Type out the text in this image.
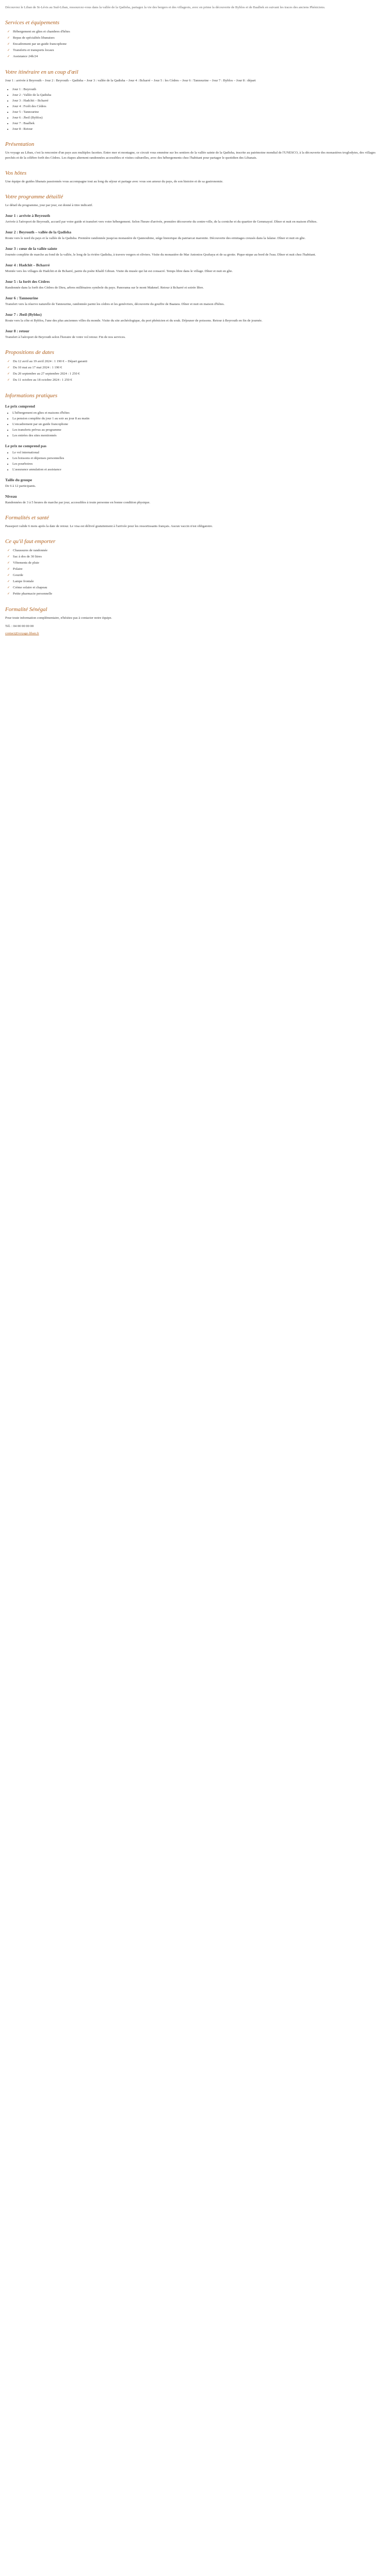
Découvrez le Liban de St-Lévis au Sud-Liban, ressourcez-vous dans la vallée de la Qadisha, partagez la vie des bergers et des villageois, avec en prime la découverte de Byblos et de Baalbek en suivant les traces des anciens Phéniciens.

Services et équipements
✓ Hébergement en gîtes et chambres d'hôtes
✓ Repas de spécialités libanaises
✓ Encadrement par un guide francophone
✓ Transferts et transports locaux
✓ Assistance 24h/24
Votre itinéraire en un coup d'œil

Jour 1 : arrivée à Beyrouth – Jour 2 : Beyrouth – Qadisha – Jour 3 : vallée de la Qadisha – Jour 4 : Bcharré – Jour 5 : les Cèdres – Jour 6 : Tannourine – Jour 7 : Byblos – Jour 8 : départ

• Jour 1 : Beyrouth
• Jour 2 : Vallée de la Qadisha
• Jour 3 : Hadchit – Bcharré
• Jour 4 : Forêt des Cèdres
• Jour 5 : Tannourine
• Jour 6 : Jbeil (Byblos)
• Jour 7 : Baalbek
• Jour 8 : Retour
Présentation

Un voyage au Liban, c'est la rencontre d'un pays aux multiples facettes. Entre mer et montagne, ce circuit vous emmène sur les sentiers de la vallée sainte de la Qadisha, inscrite au patrimoine mondial de l'UNESCO, à la découverte des monastères troglodytes, des villages perchés et de la célèbre forêt des Cèdres. Les étapes alternent randonnées accessibles et visites culturelles, avec des hébergements chez l'habitant pour partager le quotidien des Libanais.

Vos hôtes

Une équipe de guides libanais passionnés vous accompagne tout au long du séjour et partage avec vous son amour du pays, de son histoire et de sa gastronomie.

Votre programme détaillé

Le détail du programme, jour par jour, est donné à titre indicatif.

Jour 1 : arrivée à Beyrouth

Arrivée à l'aéroport de Beyrouth, accueil par votre guide et transfert vers votre hébergement. Selon l'heure d'arrivée, première découverte du centre-ville, de la corniche et du quartier de Gemmayzé. Dîner et nuit en maison d'hôtes.

Jour 2 : Beyrouth – vallée de la Qadisha

Route vers le nord du pays et la vallée de la Qadisha. Première randonnée jusqu'au monastère de Qannoubine, siège historique du patriarcat maronite. Découverte des ermitages creusés dans la falaise. Dîner et nuit en gîte.

Jour 3 : cœur de la vallée sainte

Journée complète de marche au fond de la vallée, le long de la rivière Qadisha, à travers vergers et oliviers. Visite du monastère de Mar Antonios Qozhaya et de sa grotte. Pique-nique au bord de l'eau. Dîner et nuit chez l'habitant.

Jour 4 : Hadchit – Bcharré

Montée vers les villages de Hadchit et de Bcharré, patrie du poète Khalil Gibran. Visite du musée qui lui est consacré. Temps libre dans le village. Dîner et nuit en gîte.

Jour 5 : la forêt des Cèdres

Randonnée dans la forêt des Cèdres de Dieu, arbres millénaires symbole du pays. Panorama sur le mont Makmel. Retour à Bcharré et soirée libre.

Jour 6 : Tannourine

Transfert vers la réserve naturelle de Tannourine, randonnée parmi les cèdres et les genévriers, découverte du gouffre de Baatara. Dîner et nuit en maison d'hôtes.

Jour 7 : Jbeil (Byblos)

Route vers la côte et Byblos, l'une des plus anciennes villes du monde. Visite du site archéologique, du port phénicien et du souk. Déjeuner de poissons. Retour à Beyrouth en fin de journée.

Jour 8 : retour

Transfert à l'aéroport de Beyrouth selon l'horaire de votre vol retour. Fin de nos services.

Propositions de dates
✓ Du 12 avril au 19 avril 2024 : 1 190 € – Départ garanti
✓ Du 10 mai au 17 mai 2024 : 1 190 €
✓ Du 20 septembre au 27 septembre 2024 : 1 250 €
✓ Du 11 octobre au 18 octobre 2024 : 1 250 €
Informations pratiques
Le prix comprend
• L'hébergement en gîtes et maisons d'hôtes
• La pension complète du jour 1 au soir au jour 8 au matin
• L'encadrement par un guide francophone
• Les transferts prévus au programme
• Les entrées des sites mentionnés
Le prix ne comprend pas
• Le vol international
• Les boissons et dépenses personnelles
• Les pourboires
• L'assurance annulation et assistance
Taille du groupe

De 6 à 12 participants.

Niveau

Randonnées de 3 à 5 heures de marche par jour, accessibles à toute personne en bonne condition physique.

Formalités et santé

Passeport valide 6 mois après la date de retour. Le visa est délivré gratuitement à l'arrivée pour les ressortissants français. Aucun vaccin n'est obligatoire.

Ce qu'il faut emporter
✓ Chaussures de randonnée
✓ Sac à dos de 30 litres
✓ Vêtements de pluie
✓ Polaire
✓ Gourde
✓ Lampe frontale
✓ Crème solaire et chapeau
✓ Petite pharmacie personnelle
Formalité Sénégal

Pour toute information complémentaire, n'hésitez pas à contacter notre équipe.

Tél. : 04 00 00 00 00

contact@voyage-liban.fr
